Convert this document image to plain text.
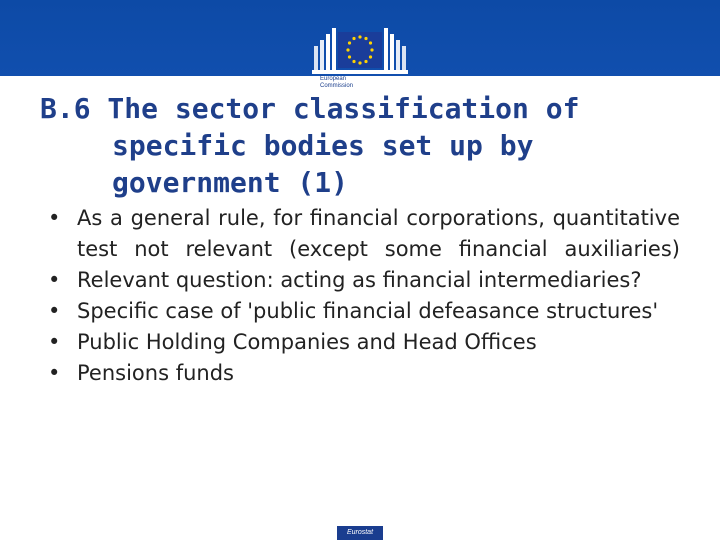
European
Commission
B.6 The sector classification of
specific bodies set up by
government (1)
• As a general rule, for financial corporations, quantitative test not relevant (except some financial auxiliaries)
• Relevant question: acting as financial intermediaries?
• Specific case of 'public financial defeasance structures'
• Public Holding Companies and Head Offices
• Pensions funds
Eurostat
